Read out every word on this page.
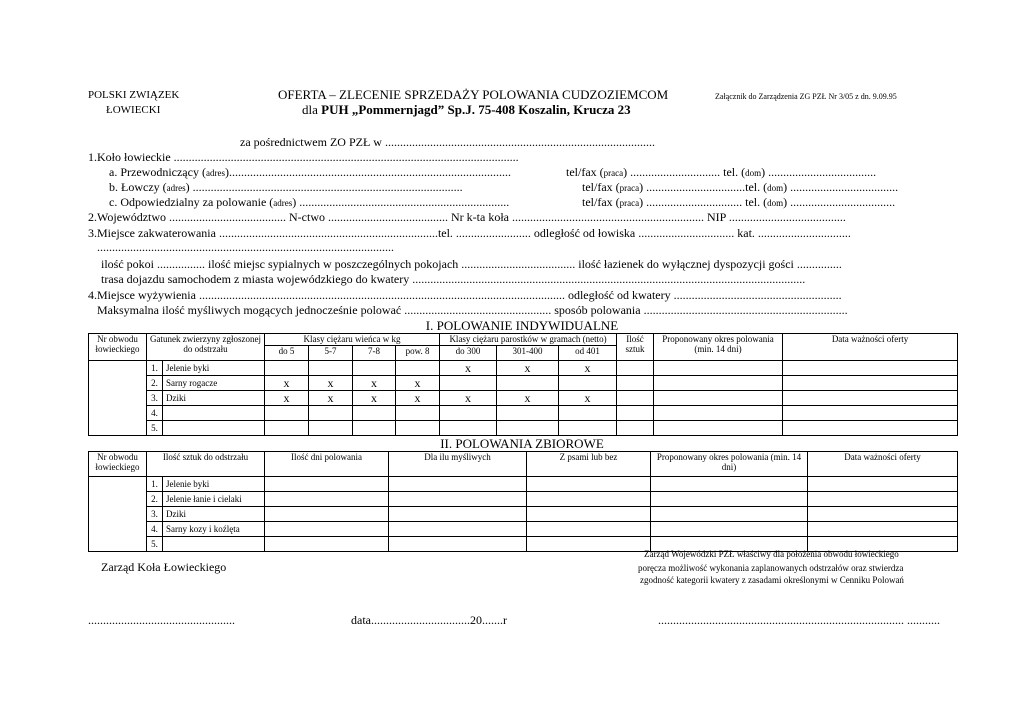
POLSKI ZWIĄZEK
ŁOWIECKI
OFERTA – ZLECENIE SPRZEDAŻY POLOWANIA CUDZOZIEMCOM	Załącznik do Zarządzenia ZG PZŁ Nr 3/05 z dn. 9.09.95
dla PUH „Pommernjagd” Sp.J. 75-408 Koszalin, Krucza 23
za pośrednictwem ZO PZŁ w ..........................................................................................
1.Koło łowieckie ...................................................................................................................
a. Przewodniczący (adres)..............................................................................................	tel/fax (praca) .............................. tel. (dom) ....................................
b. Łowczy (adres) ..........................................................................................	tel/fax (praca) .................................tel. (dom) ....................................
c. Odpowiedzialny za polowanie (adres) ......................................................................	tel/fax (praca) ................................ tel. (dom) ...................................
2.Województwo ....................................... N-ctwo ........................................ Nr k-ta koła ................................................................ NIP .......................................
3.Miejsce zakwaterowania .........................................................................tel. ......................... odległość od łowiska ................................ kat. ...............................
...................................................................................................
ilość pokoi ................ ilość miejsc sypialnych w poszczególnych pokojach ...................................... ilość łazienek do wyłącznej dyspozycji gości ...............
trasa dojazdu samochodem z miasta wojewódzkiego do kwatery ...................................................................................................................................
4.Miejsce wyżywienia .......................................................................................................................... odległość od kwatery ........................................................
Maksymalna ilość myśliwych mogących jednocześnie polować ................................................. sposób polowania ....................................................................
I. POLOWANIE INDYWIDUALNE
Nr obwodu łowieckiego	Gatunek zwierzyny zgłoszonej do odstrzału		Klasy ciężaru wieńca w kg				Klasy ciężaru parostków w gramach (netto)			Ilość sztuk	Proponowany okres polowania (min. 14 dni)	Data ważności oferty
			do 5	5-7	7-8	pow. 8	do 300	301-400	od 401			
	1.	Jelenie byki					x	x	x			
	2.	Sarny rogacze	x	x	x	x						
	3.	Dziki	x	x	x	x	x	x	x			
	4.											
	5.											
II. POLOWANIA ZBIOROWE
Nr obwodu łowieckiego	Ilość sztuk do odstrzału		Ilość dni polowania	Dla ilu myśliwych	Z psami lub bez	Proponowany okres polowania (min. 14 dni)	Data ważności oferty
	1.	Jelenie byki					
	2.	Jelenie łanie i cielaki					
	3.	Dziki					
	4.	Sarny kozy i koźlęta					
	5.						
Zarząd Wojewódzki PZŁ właściwy dla położenia obwodu łowieckiego
Zarząd Koła Łowieckiego	poręcza możliwość wykonania zaplanowanych odstrzałów oraz stwierdza
zgodność kategorii kwatery z zasadami określonymi w Cenniku Polowań
.................................................	data.................................20.......r	.................................................................................. ...........
